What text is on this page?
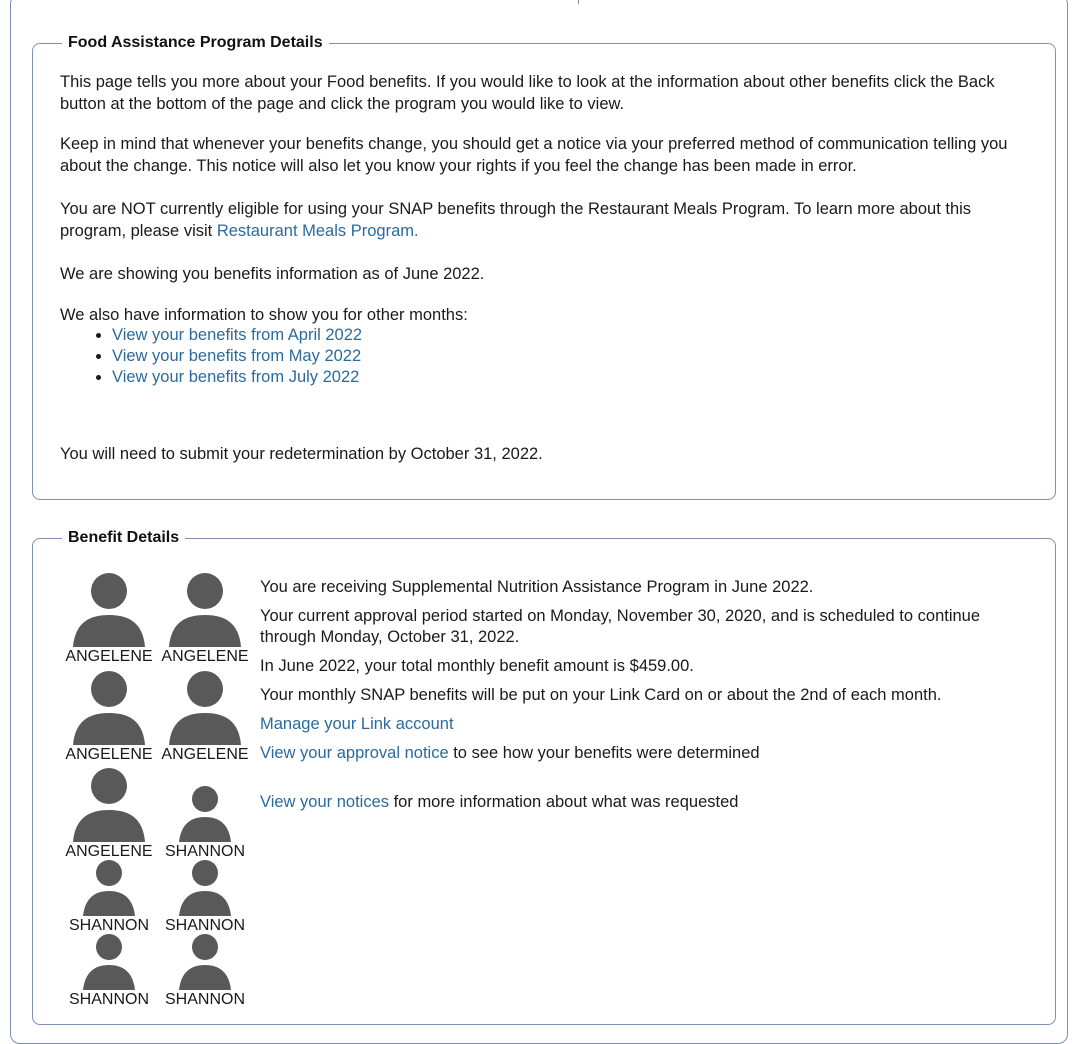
Food Assistance Program Details
This page tells you more about your Food benefits. If you would like to look at the information about other benefits click the Back button at the bottom of the page and click the program you would like to view.
Keep in mind that whenever your benefits change, you should get a notice via your preferred method of communication telling you about the change. This notice will also let you know your rights if you feel the change has been made in error.
You are NOT currently eligible for using your SNAP benefits through the Restaurant Meals Program. To learn more about this program, please visit Restaurant Meals Program.
We are showing you benefits information as of June 2022.
We also have information to show you for other months:
• View your benefits from April 2022
• View your benefits from May 2022
• View your benefits from July 2022
You will need to submit your redetermination by October 31, 2022.
Benefit Details
ANGELENE ANGELENE
ANGELENE ANGELENE
ANGELENE SHANNON
SHANNON SHANNON
SHANNON SHANNON
You are receiving Supplemental Nutrition Assistance Program in June 2022.
Your current approval period started on Monday, November 30, 2020, and is scheduled to continue through Monday, October 31, 2022.
In June 2022, your total monthly benefit amount is $459.00.
Your monthly SNAP benefits will be put on your Link Card on or about the 2nd of each month.
Manage your Link account
View your approval notice to see how your benefits were determined
View your notices for more information about what was requested
